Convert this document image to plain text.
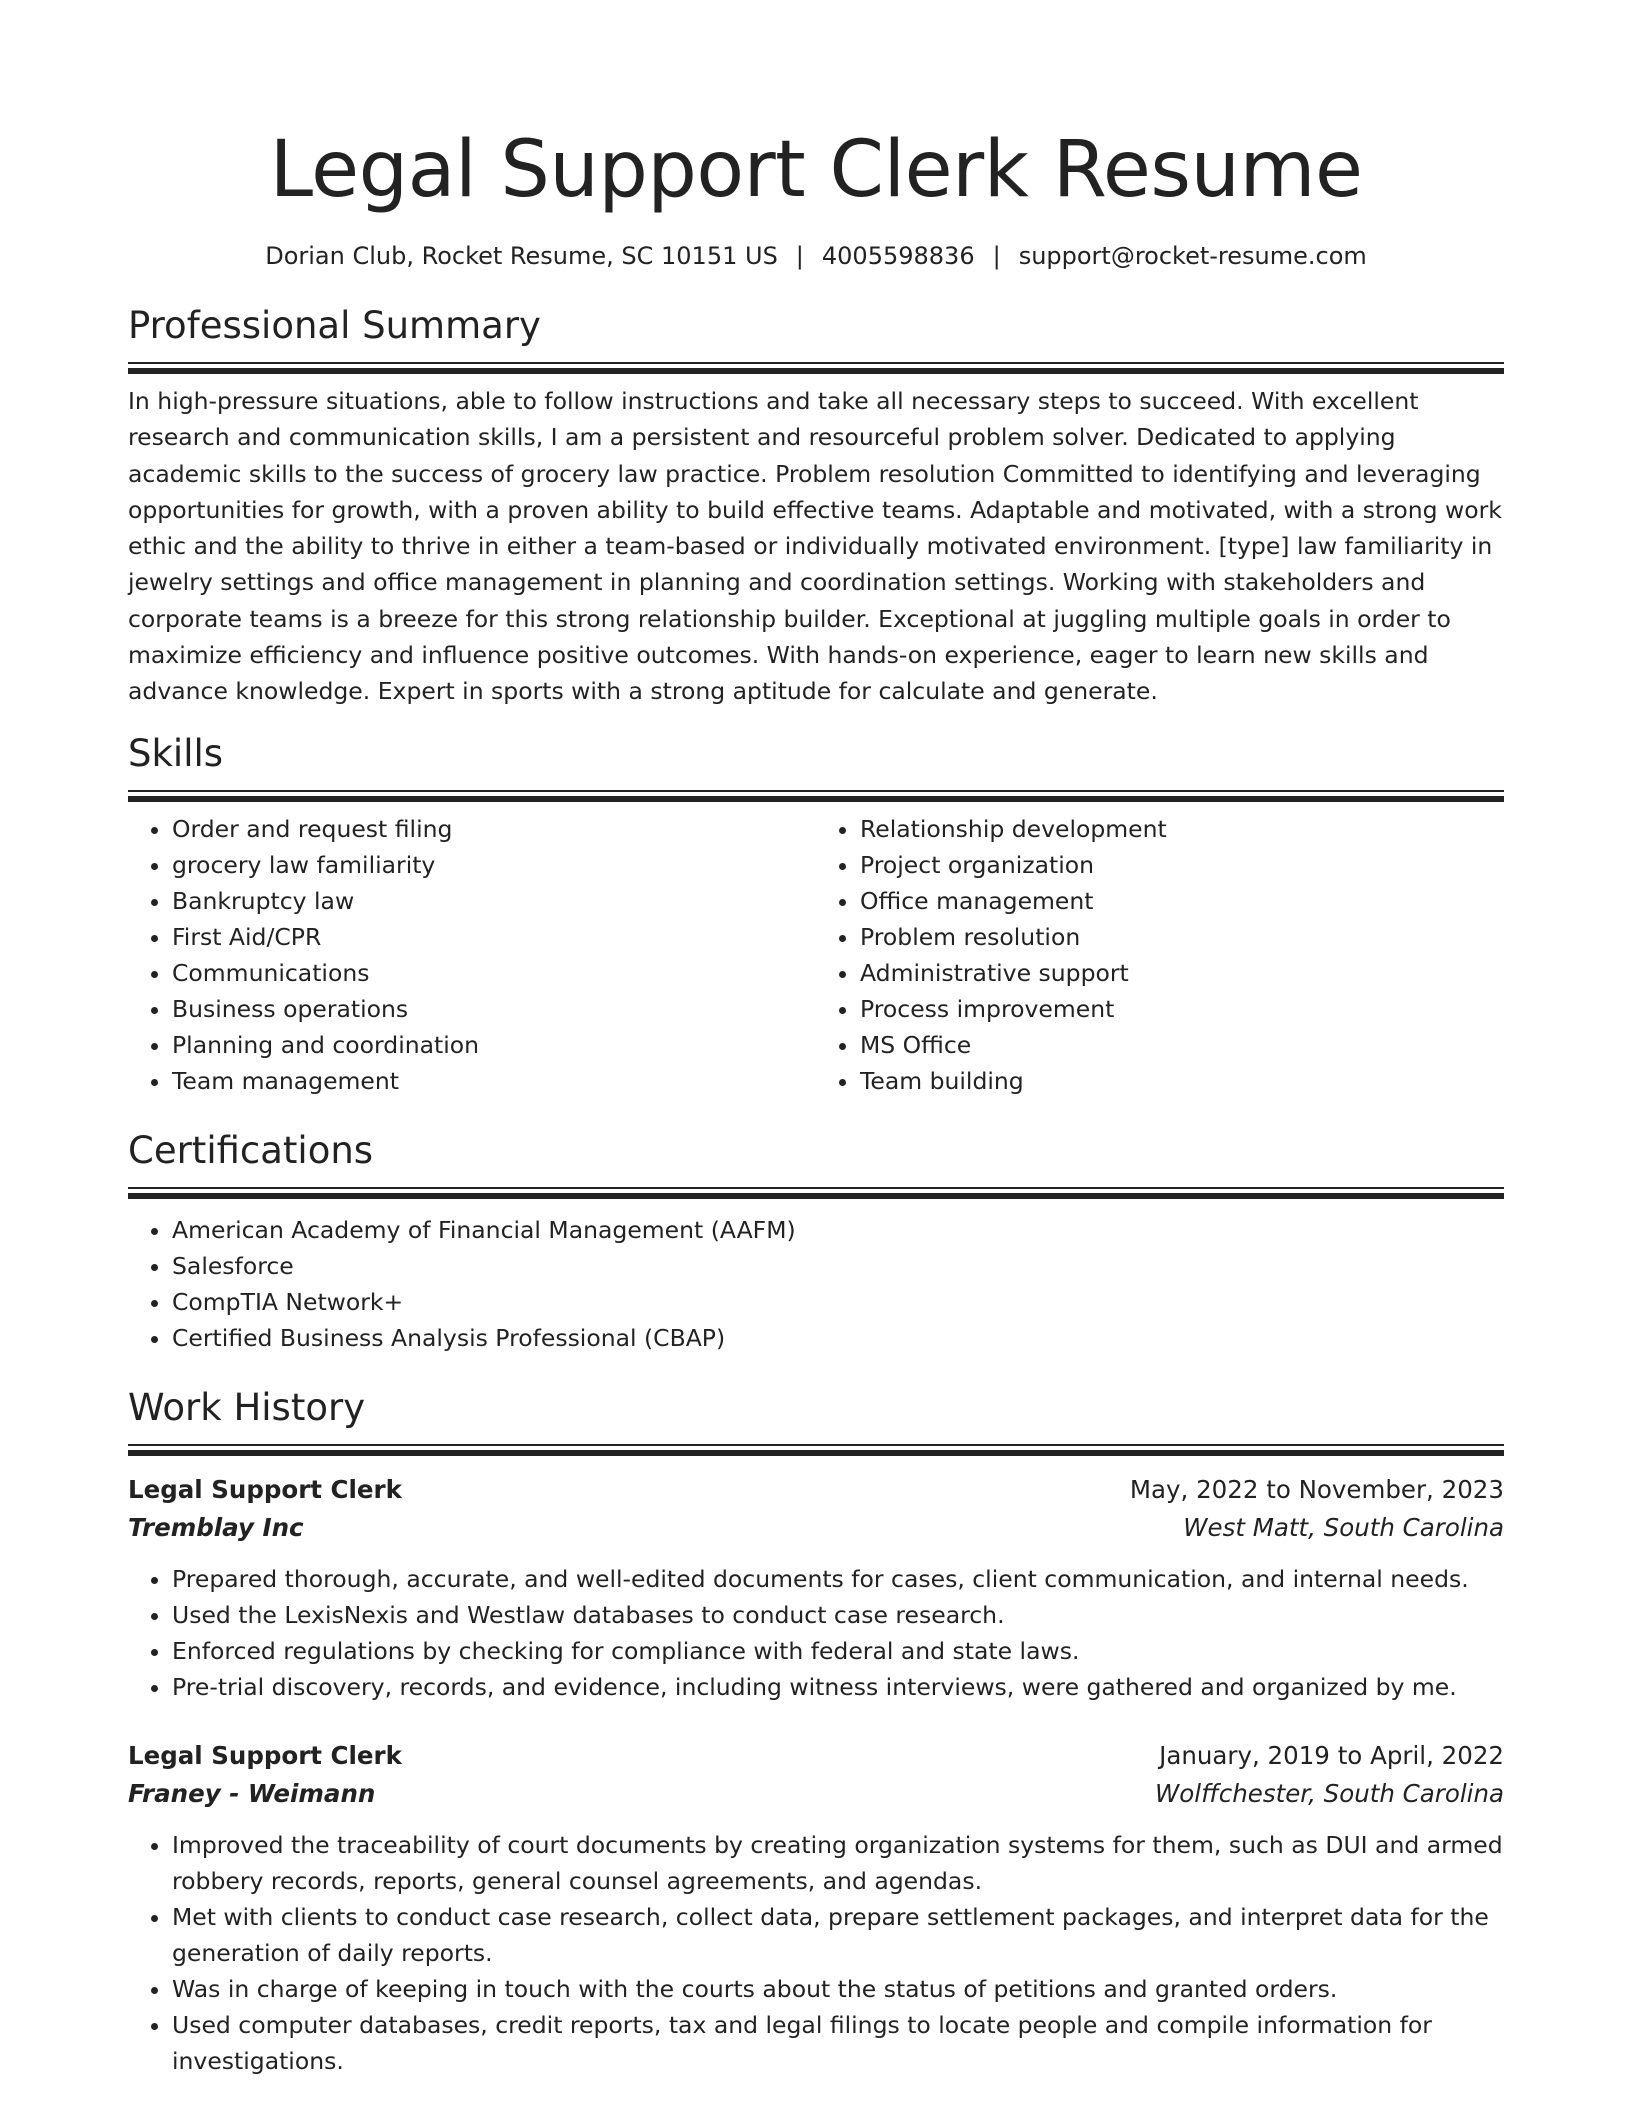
Legal Support Clerk Resume
Dorian Club, Rocket Resume, SC 10151 US | 4005598836 | support@rocket-resume.com
Professional Summary

In high-pressure situations, able to follow instructions and take all necessary steps to succeed. With excellent research and communication skills, I am a persistent and resourceful problem solver. Dedicated to applying academic skills to the success of grocery law practice. Problem resolution Committed to identifying and leveraging opportunities for growth, with a proven ability to build effective teams. Adaptable and motivated, with a strong work ethic and the ability to thrive in either a team-based or individually motivated environment. [type] law familiarity in jewelry settings and office management in planning and coordination settings. Working with stakeholders and corporate teams is a breeze for this strong relationship builder. Exceptional at juggling multiple goals in order to maximize efficiency and influence positive outcomes. With hands-on experience, eager to learn new skills and advance knowledge. Expert in sports with a strong aptitude for calculate and generate.

Skills
• Order and request filing
• grocery law familiarity
• Bankruptcy law
• First Aid/CPR
• Communications
• Business operations
• Planning and coordination
• Team management
• Relationship development
• Project organization
• Office management
• Problem resolution
• Administrative support
• Process improvement
• MS Office
• Team building
Certifications
• American Academy of Financial Management (AAFM)
• Salesforce
• CompTIA Network+
• Certified Business Analysis Professional (CBAP)
Work History
Legal Support Clerk	May, 2022 to November, 2023
Tremblay Inc	West Matt, South Carolina
• Prepared thorough, accurate, and well-edited documents for cases, client communication, and internal needs.
• Used the LexisNexis and Westlaw databases to conduct case research.
• Enforced regulations by checking for compliance with federal and state laws.
• Pre-trial discovery, records, and evidence, including witness interviews, were gathered and organized by me.
Legal Support Clerk	January, 2019 to April, 2022
Franey - Weimann	Wolffchester, South Carolina
• Improved the traceability of court documents by creating organization systems for them, such as DUI and armed robbery records, reports, general counsel agreements, and agendas.
• Met with clients to conduct case research, collect data, prepare settlement packages, and interpret data for the generation of daily reports.
• Was in charge of keeping in touch with the courts about the status of petitions and granted orders.
• Used computer databases, credit reports, tax and legal filings to locate people and compile information for investigations.
